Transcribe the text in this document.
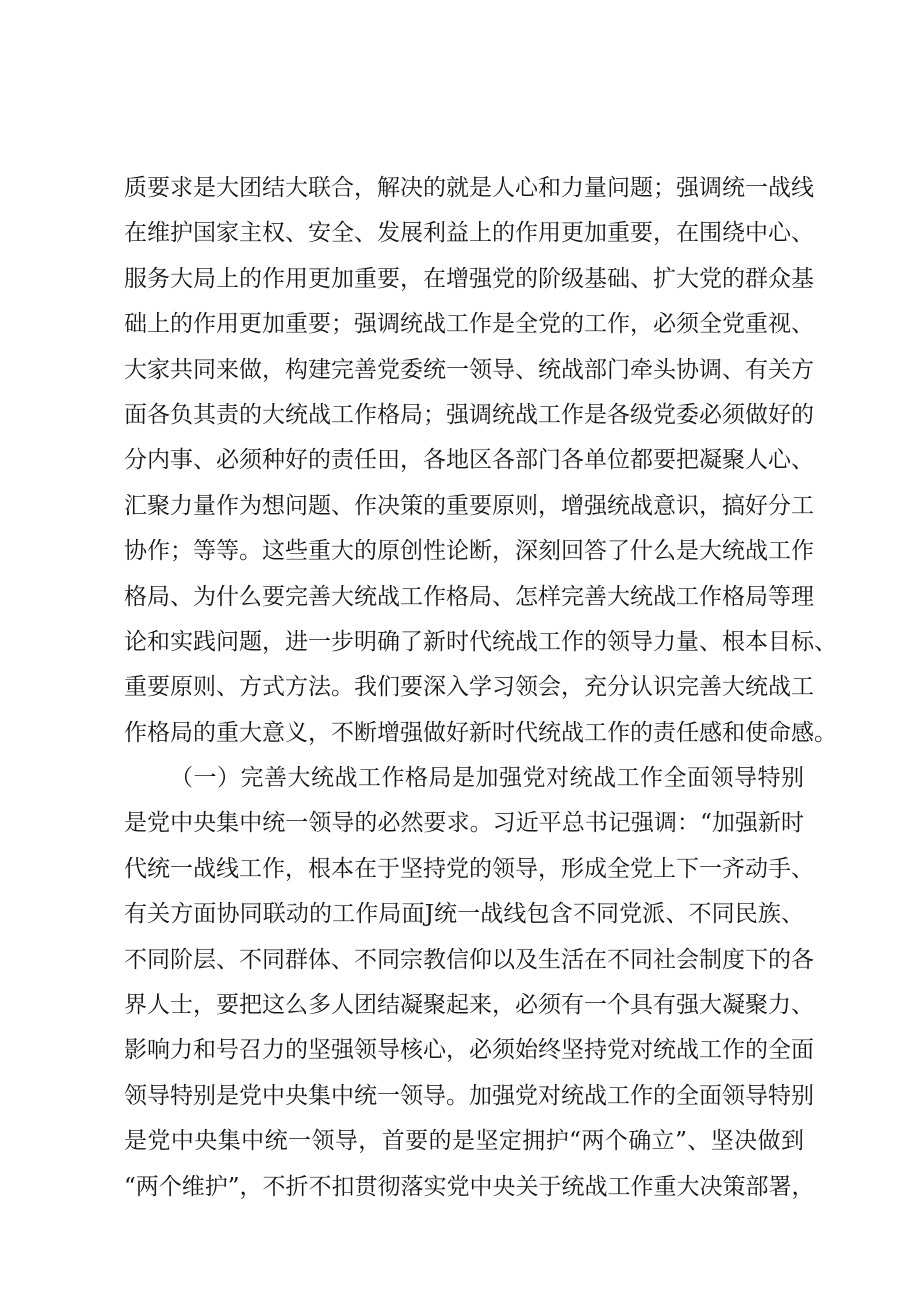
质要求是大团结大联合，解决的就是人心和力量问题；强调统一战线
在维护国家主权、安全、发展利益上的作用更加重要，在围绕中心、
服务大局上的作用更加重要，在增强党的阶级基础、扩大党的群众基
础上的作用更加重要；强调统战工作是全党的工作，必须全党重视、
大家共同来做，构建完善党委统一领导、统战部门牵头协调、有关方
面各负其责的大统战工作格局；强调统战工作是各级党委必须做好的
分内事、必须种好的责任田，各地区各部门各单位都要把凝聚人心、
汇聚力量作为想问题、作决策的重要原则，增强统战意识，搞好分工
协作；等等。这些重大的原创性论断，深刻回答了什么是大统战工作
格局、为什么要完善大统战工作格局、怎样完善大统战工作格局等理
论和实践问题，进一步明确了新时代统战工作的领导力量、根本目标、
重要原则、方式方法。我们要深入学习领会，充分认识完善大统战工
作格局的重大意义，不断增强做好新时代统战工作的责任感和使命感。
（一）完善大统战工作格局是加强党对统战工作全面领导特别
是党中央集中统一领导的必然要求。习近平总书记强调：“加强新时
代统一战线工作，根本在于坚持党的领导，形成全党上下一齐动手、
有关方面协同联动的工作局面J统一战线包含不同党派、不同民族、
不同阶层、不同群体、不同宗教信仰以及生活在不同社会制度下的各
界人士，要把这么多人团结凝聚起来，必须有一个具有强大凝聚力、
影响力和号召力的坚强领导核心，必须始终坚持党对统战工作的全面
领导特别是党中央集中统一领导。加强党对统战工作的全面领导特别
是党中央集中统一领导，首要的是坚定拥护“两个确立”、坚决做到
“两个维护”，不折不扣贯彻落实党中央关于统战工作重大决策部署，
